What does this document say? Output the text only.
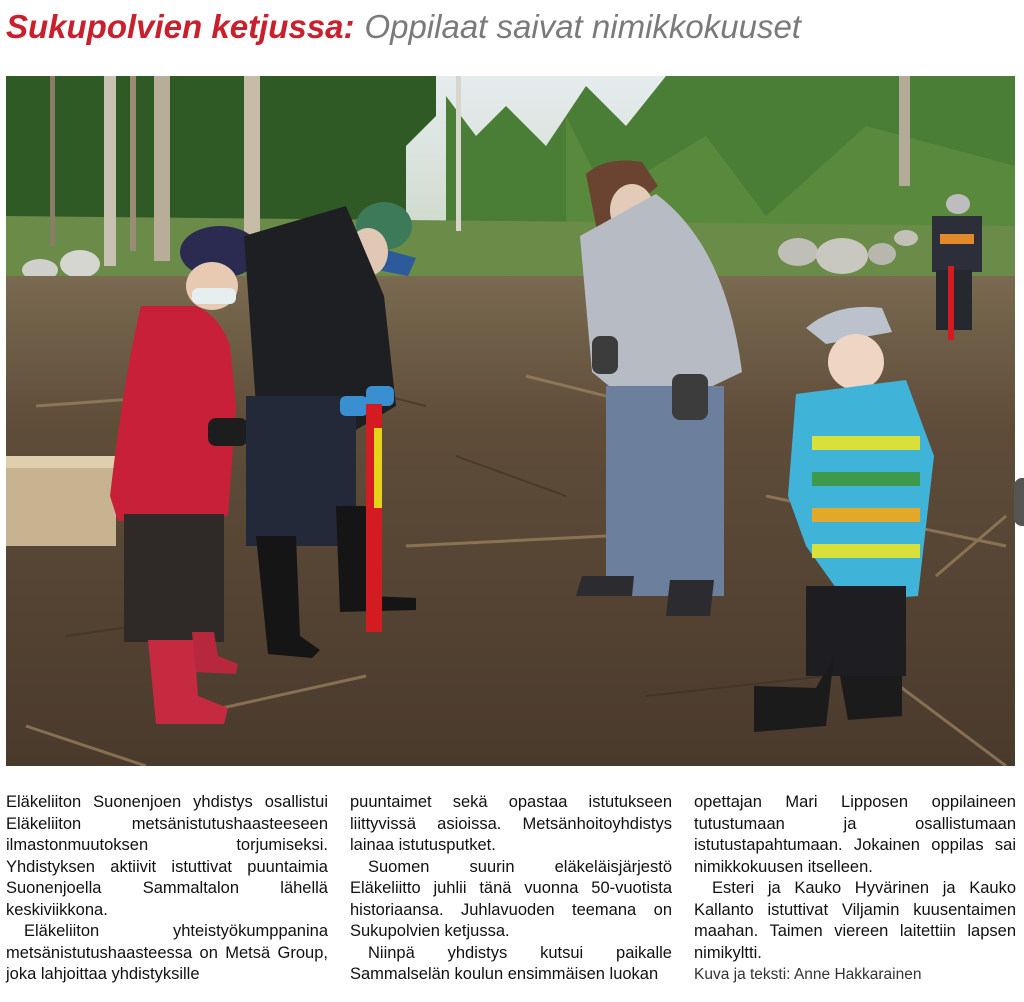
Sukupolvien ketjussa: Oppilaat saivat nimikkokuuset

Eläkeliiton Suonenjoen yhdistys osallistui Eläkeliiton metsänistutushaasteeseen ilmastonmuutoksen torjumiseksi. Yhdistyksen aktiivit istuttivat puuntaimia Suonenjoella Sammaltalon lähellä keskiviikkona.

Eläkeliiton yhteistyökumppanina metsänistutushaasteessa on Metsä Group, joka lahjoittaa yhdistyksille

puuntaimet sekä opastaa istutukseen liittyvissä asioissa. Metsänhoitoyhdistys lainaa istutusputket.

Suomen suurin eläkeläisjärjestö Eläkeliitto juhlii tänä vuonna 50-vuotista historiaansa. Juhlavuoden teemana on Sukupolvien ketjussa.

Niinpä yhdistys kutsui paikalle Sammalselän koulun ensimmäisen luokan

opettajan Mari Lipposen oppilaineen tutustumaan ja osallistumaan istutustapahtumaan. Jokainen oppilas sai nimikkokuusen itselleen.

Esteri ja Kauko Hyvärinen ja Kauko Kallanto istuttivat Viljamin kuusentaimen maahan. Taimen viereen laitettiin lapsen nimikyltti.

Kuva ja teksti: Anne Hakkarainen
